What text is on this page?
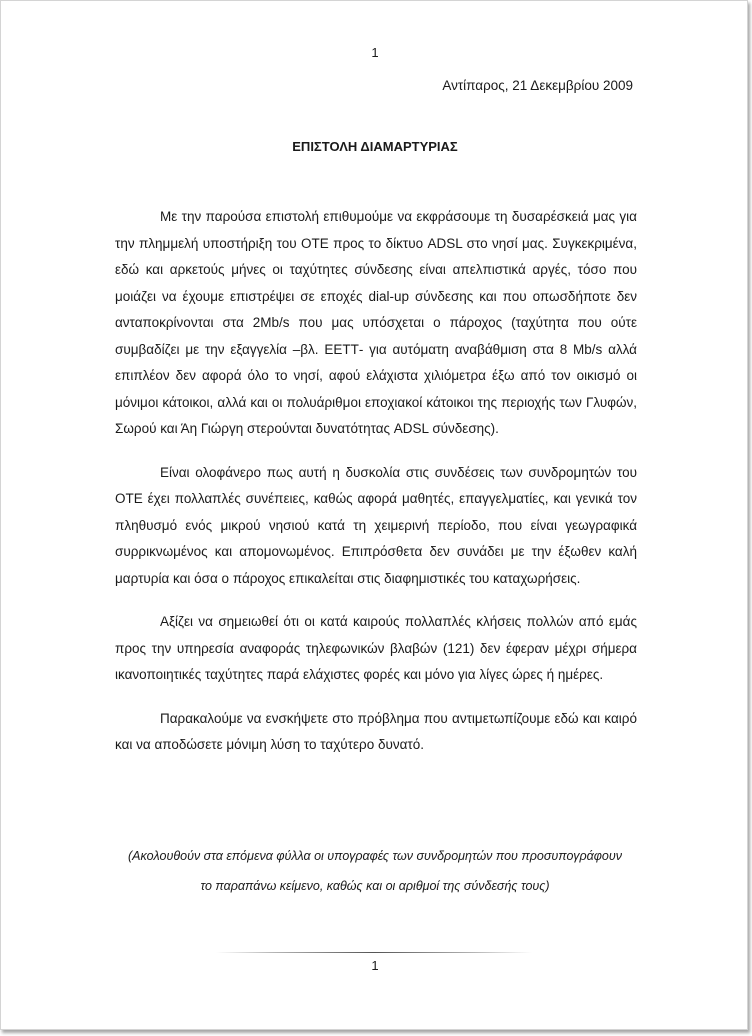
1
Αντίπαρος, 21 Δεκεμβρίου 2009
ΕΠΙΣΤΟΛΗ ΔΙΑΜΑΡΤΥΡΙΑΣ

Με την παρούσα επιστολή επιθυμούμε να εκφράσουμε τη δυσαρέσκειά μας για την πλημμελή υποστήριξη του ΟΤΕ προς το δίκτυο ADSL στο νησί μας. Συγκεκριμένα, εδώ και αρκετούς μήνες οι ταχύτητες σύνδεσης είναι απελπιστικά αργές, τόσο που μοιάζει να έχουμε επιστρέψει σε εποχές dial-up σύνδεσης και που οπωσδήποτε δεν ανταποκρίνονται στα 2Mb/s που μας υπόσχεται ο πάροχος (ταχύτητα που ούτε συμβαδίζει με την εξαγγελία –βλ. ΕΕΤΤ- για αυτόματη αναβάθμιση στα 8 Mb/s αλλά επιπλέον δεν αφορά όλο το νησί, αφού ελάχιστα χιλιόμετρα έξω από τον οικισμό οι μόνιμοι κάτοικοι, αλλά και οι πολυάριθμοι εποχιακοί κάτοικοι της περιοχής των Γλυφών, Σωρού και Άη Γιώργη στερούνται δυνατότητας ADSL σύνδεσης).

Είναι ολοφάνερο πως αυτή η δυσκολία στις συνδέσεις των συνδρομητών του ΟΤΕ έχει πολλαπλές συνέπειες, καθώς αφορά μαθητές, επαγγελματίες, και γενικά τον πληθυσμό ενός μικρού νησιού κατά τη χειμερινή περίοδο, που είναι γεωγραφικά συρρικνωμένος και απομονωμένος. Επιπρόσθετα δεν συνάδει με την έξωθεν καλή μαρτυρία και όσα ο πάροχος επικαλείται στις διαφημιστικές του καταχωρήσεις.

Αξίζει να σημειωθεί ότι οι κατά καιρούς πολλαπλές κλήσεις πολλών από εμάς προς την υπηρεσία αναφοράς τηλεφωνικών βλαβών (121) δεν έφεραν μέχρι σήμερα ικανοποιητικές ταχύτητες παρά ελάχιστες φορές και μόνο για λίγες ώρες ή ημέρες.

Παρακαλούμε να ενσκήψετε στο πρόβλημα που αντιμετωπίζουμε εδώ και καιρό και να αποδώσετε μόνιμη λύση το ταχύτερο δυνατό.

(Ακολουθούν στα επόμενα φύλλα οι υπογραφές των συνδρομητών που προσυπογράφουν
το παραπάνω κείμενο, καθώς και οι αριθμοί της σύνδεσής τους)
1
